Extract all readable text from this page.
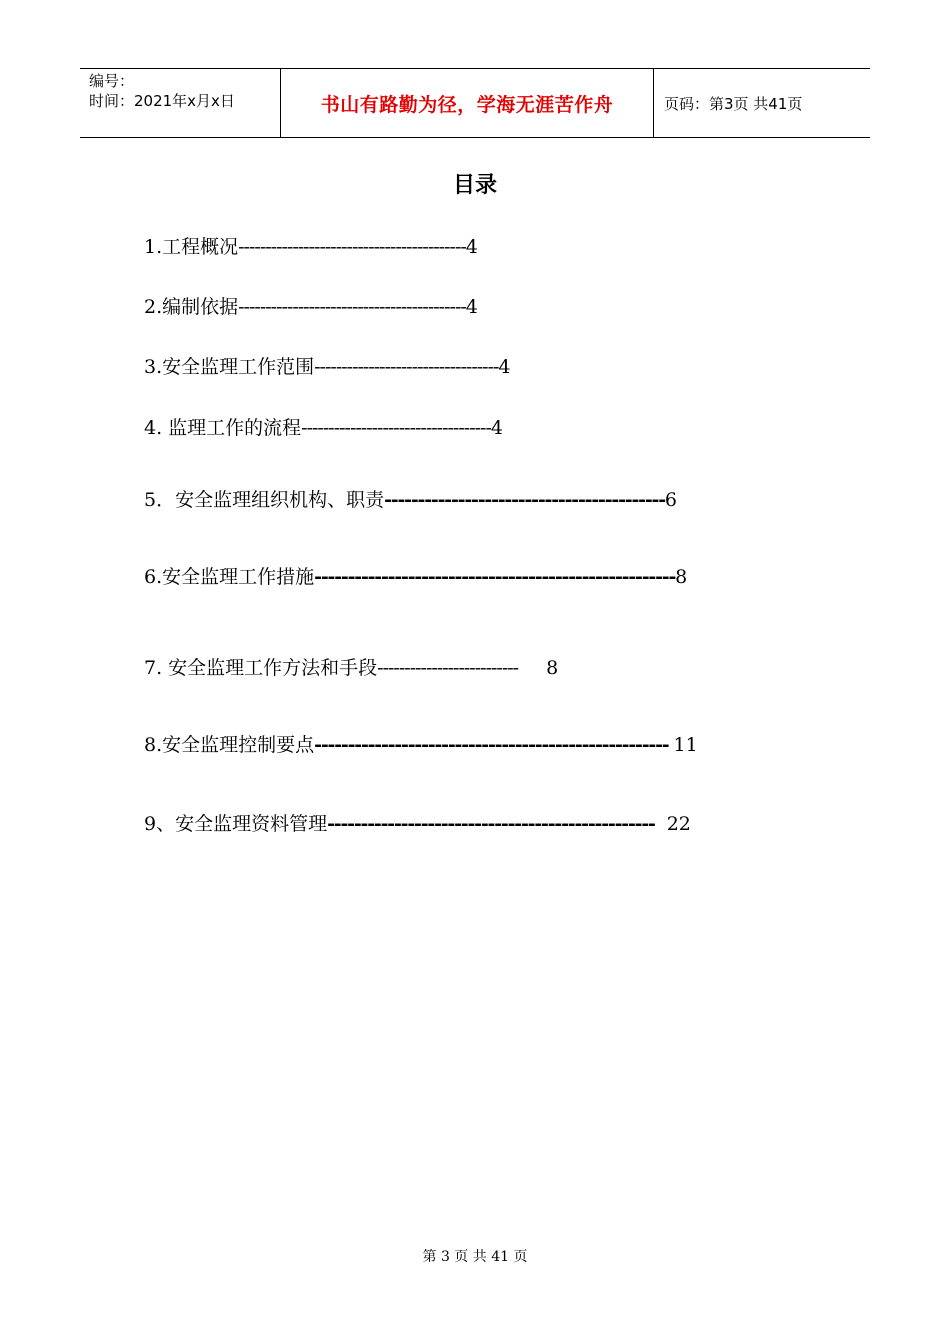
编号：
时间：2021年x月x日	书山有路勤为径，学海无涯苦作舟	页码：第3页 共41页
目录
1.工程概况------------------------------------------4
2.编制依据------------------------------------------4
3.安全监理工作范围----------------------------------4
4. 监理工作的流程-----------------------------------4
5．安全监理组织机构、职责------------------------------------------6
6.安全监理工作措施------------------------------------------------------8
7. 安全监理工作方法和手段-------------------------- 8
8.安全监理控制要点----------------------------------------------------- 11
9、安全监理资料管理------------------------------------------------- 22
第 3 页 共 41 页
